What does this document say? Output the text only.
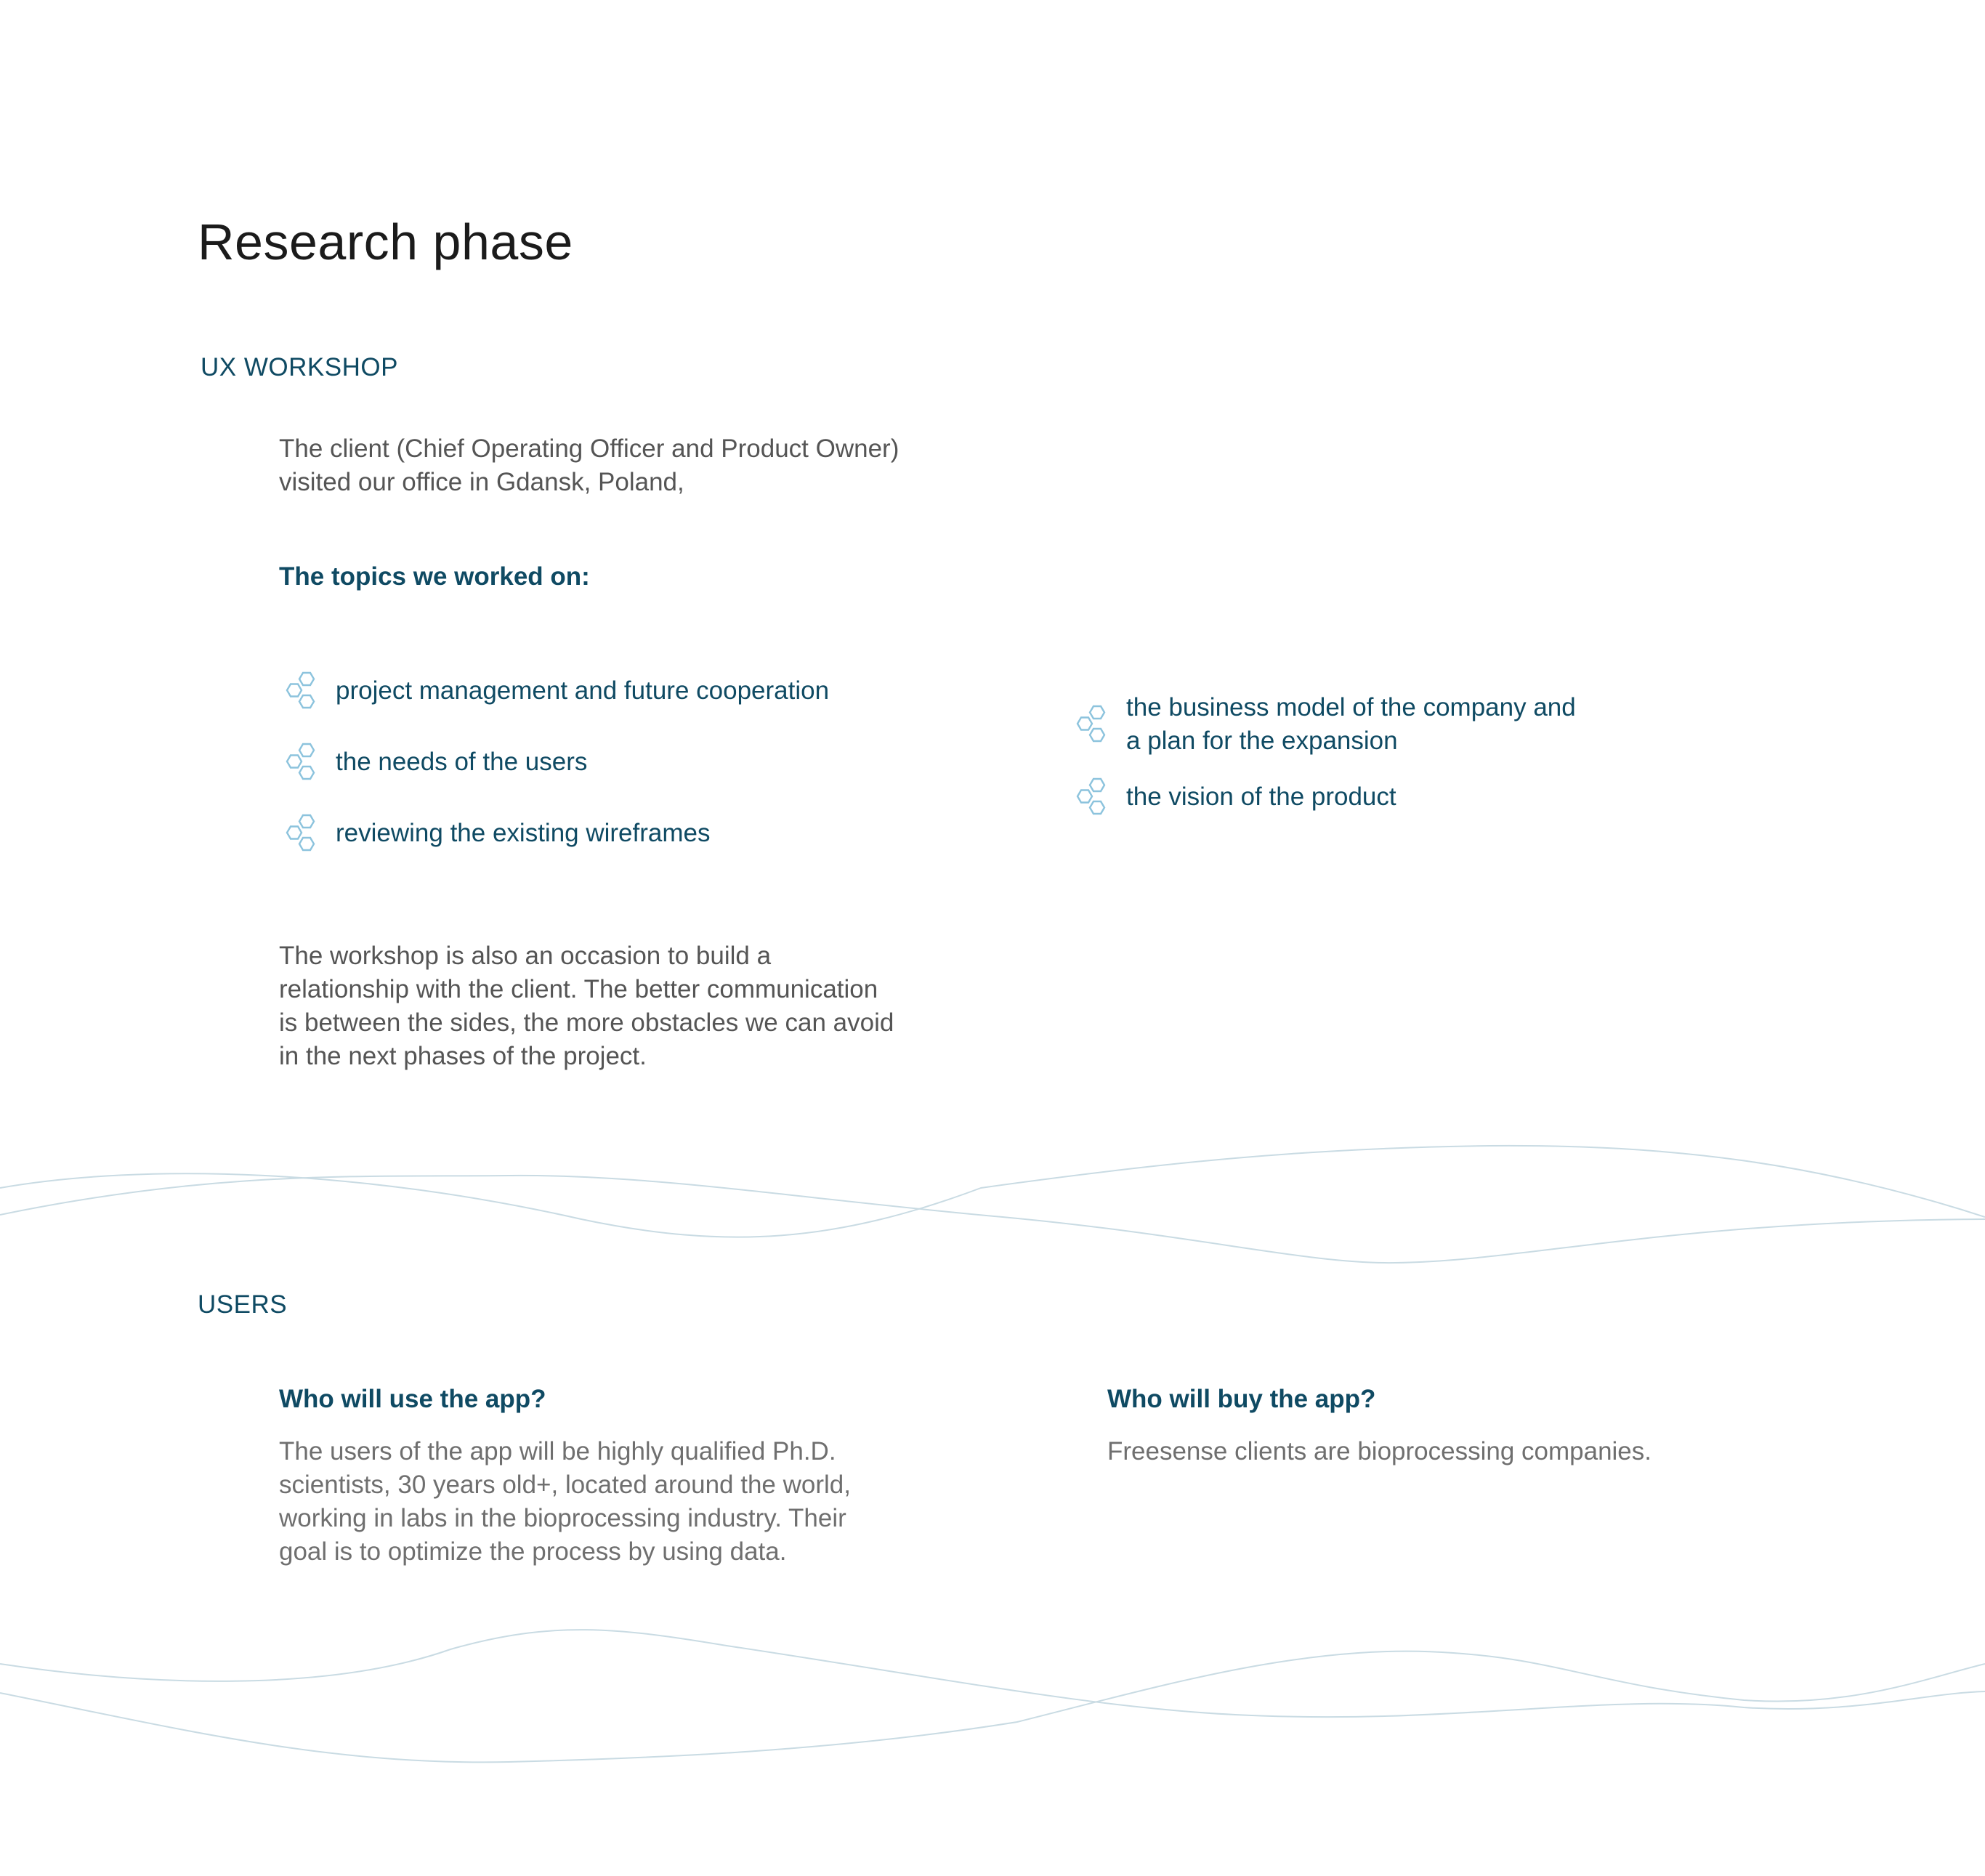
Research phase
UX WORKSHOP

The client (Chief Operating Officer and Product Owner)
visited our office in Gdansk, Poland,

The topics we worked on:
project management and future cooperation
the needs of the users
reviewing the existing wireframes
the business model of the company and
a plan for the expansion
the vision of the product

The workshop is also an occasion to build a
relationship with the client. The better communication
is between the sides, the more obstacles we can avoid
in the next phases of the project.

USERS
Who will use the app?

The users of the app will be highly qualified Ph.D.
scientists, 30 years old+, located around the world,
working in labs in the bioprocessing industry. Their
goal is to optimize the process by using data.

Who will buy the app?

Freesense clients are bioprocessing companies.
